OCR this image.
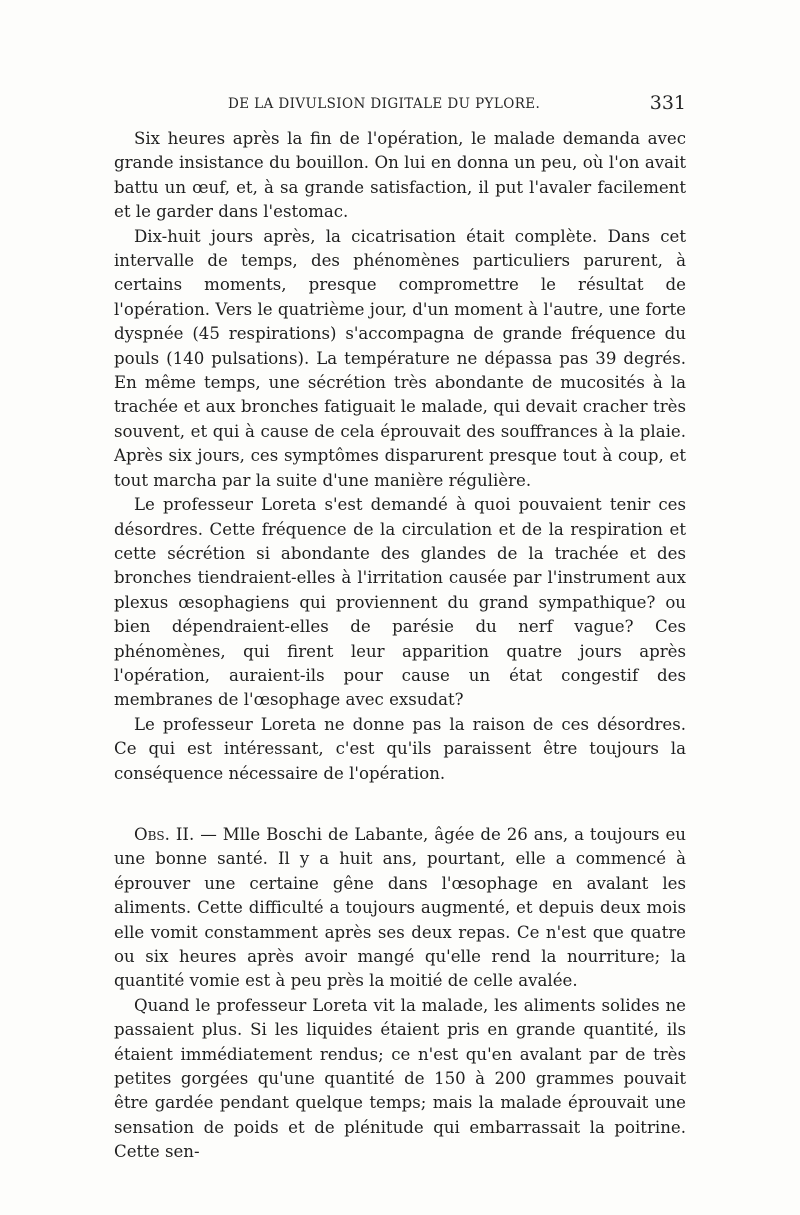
DE LA DIVULSION DIGITALE DU PYLORE.	331

Six heures après la fin de l'opération, le malade demanda avec grande insistance du bouillon. On lui en donna un peu, où l'on avait battu un œuf, et, à sa grande satisfaction, il put l'avaler facilement et le garder dans l'estomac.

Dix-huit jours après, la cicatrisation était complète. Dans cet intervalle de temps, des phénomènes particuliers parurent, à certains moments, presque compromettre le résultat de l'opération. Vers le quatrième jour, d'un moment à l'autre, une forte dyspnée (45 respirations) s'accompagna de grande fréquence du pouls (140 pulsations). La température ne dépassa pas 39 degrés. En même temps, une sécrétion très abondante de mucosités à la trachée et aux bronches fatiguait le malade, qui devait cracher très souvent, et qui à cause de cela éprouvait des souffrances à la plaie. Après six jours, ces symptômes disparurent presque tout à coup, et tout marcha par la suite d'une manière régulière.

Le professeur Loreta s'est demandé à quoi pouvaient tenir ces désordres. Cette fréquence de la circulation et de la respiration et cette sécrétion si abondante des glandes de la trachée et des bronches tiendraient-elles à l'irritation causée par l'instrument aux plexus œsophagiens qui proviennent du grand sympathique? ou bien dépendraient-elles de parésie du nerf vague? Ces phénomènes, qui firent leur apparition quatre jours après l'opération, auraient-ils pour cause un état congestif des membranes de l'œsophage avec exsudat?

Le professeur Loreta ne donne pas la raison de ces désordres. Ce qui est intéressant, c'est qu'ils paraissent être toujours la conséquence nécessaire de l'opération.

Obs. II. — Mlle Boschi de Labante, âgée de 26 ans, a toujours eu une bonne santé. Il y a huit ans, pourtant, elle a commencé à éprouver une certaine gêne dans l'œsophage en avalant les aliments. Cette difficulté a toujours augmenté, et depuis deux mois elle vomit constamment après ses deux repas. Ce n'est que quatre ou six heures après avoir mangé qu'elle rend la nourriture; la quantité vomie est à peu près la moitié de celle avalée.

Quand le professeur Loreta vit la malade, les aliments solides ne passaient plus. Si les liquides étaient pris en grande quantité, ils étaient immédiatement rendus; ce n'est qu'en avalant par de très petites gorgées qu'une quantité de 150 à 200 grammes pouvait être gardée pendant quelque temps; mais la malade éprouvait une sensation de poids et de plénitude qui embarrassait la poitrine. Cette sen-
